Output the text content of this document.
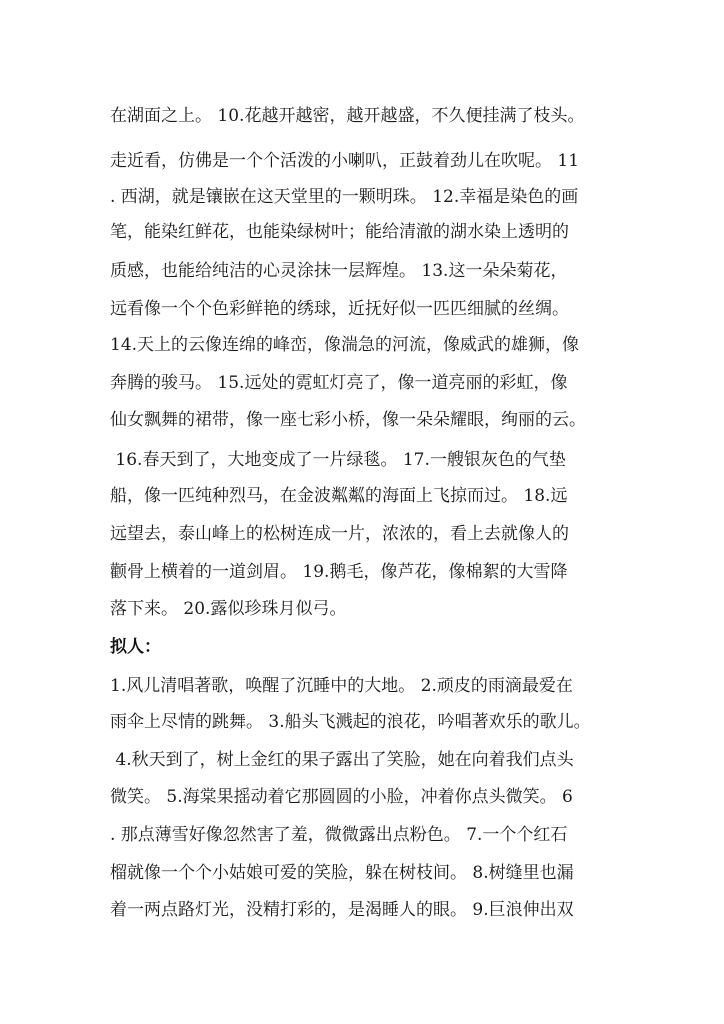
在湖面之上。 10.花越开越密，越开越盛，不久便挂满了枝头。
走近看，仿佛是一个个活泼的小喇叭，正鼓着劲儿在吹呢。 11
. 西湖，就是镶嵌在这天堂里的一颗明珠。 12.幸福是染色的画
笔，能染红鲜花，也能染绿树叶；能给清澈的湖水染上透明的
质感，也能给纯洁的心灵涂抹一层辉煌。 13.这一朵朵菊花，
远看像一个个色彩鲜艳的绣球，近抚好似一匹匹细腻的丝绸。
14.天上的云像连绵的峰峦，像湍急的河流，像威武的雄狮，像
奔腾的骏马。 15.远处的霓虹灯亮了，像一道亮丽的彩虹，像
仙女飘舞的裙带，像一座七彩小桥，像一朵朵耀眼，绚丽的云。
16.春天到了，大地变成了一片绿毯。 17.一艘银灰色的气垫
船，像一匹纯种烈马，在金波粼粼的海面上飞掠而过。 18.远
远望去，泰山峰上的松树连成一片，浓浓的，看上去就像人的
颧骨上横着的一道剑眉。 19.鹅毛，像芦花，像棉絮的大雪降
落下来。 20.露似珍珠月似弓。
拟人：
1.风儿清唱著歌，唤醒了沉睡中的大地。 2.顽皮的雨滴最爱在
雨伞上尽情的跳舞。 3.船头飞溅起的浪花，吟唱著欢乐的歌儿。
4.秋天到了，树上金红的果子露出了笑脸，她在向着我们点头
微笑。 5.海棠果摇动着它那圆圆的小脸，冲着你点头微笑。 6
. 那点薄雪好像忽然害了羞，微微露出点粉色。 7.一个个红石
榴就像一个个小姑娘可爱的笑脸，躲在树枝间。 8.树缝里也漏
着一两点路灯光，没精打彩的，是渴睡人的眼。 9.巨浪伸出双
